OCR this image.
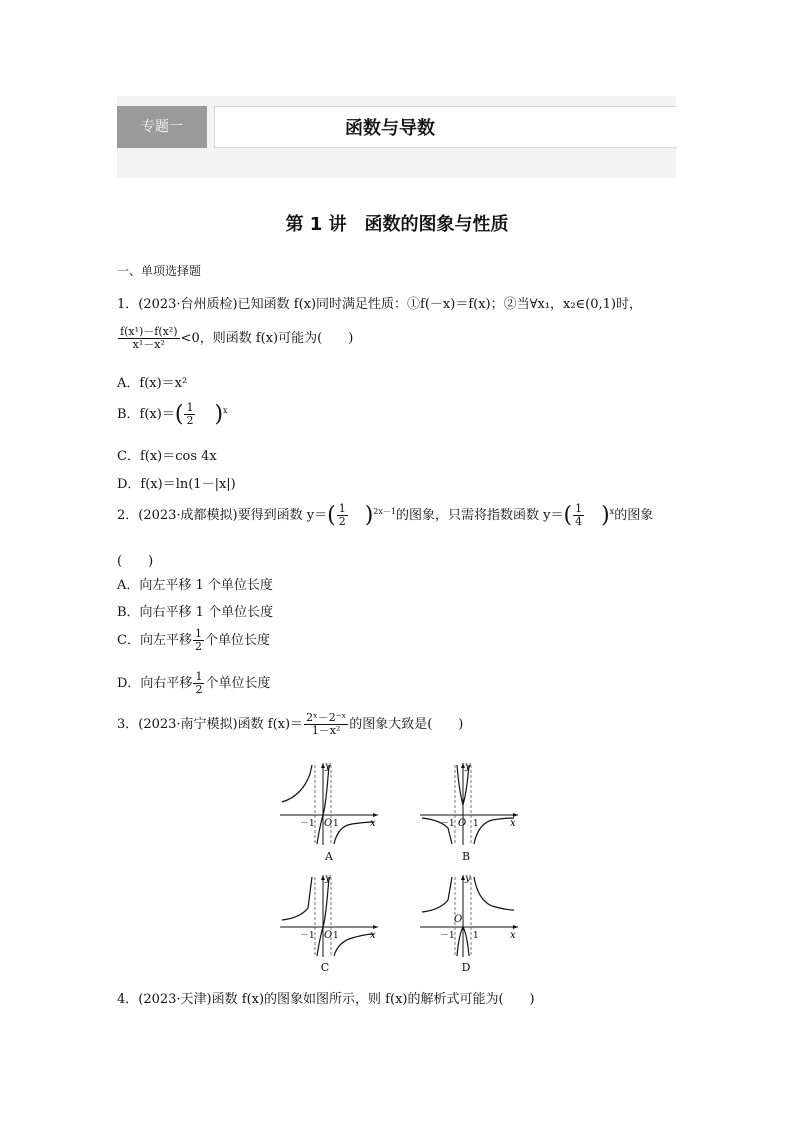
专题一	函数与导数
第 1 讲　函数的图象与性质
一、单项选择题
1．(2023·台州质检)已知函数 f(x)同时满足性质：①f(－x)＝f(x)；②当∀x₁，x₂∈(0,1)时，
$\frac{\text{f(x¹)－f(x²)}}{\text{x¹－x²}} <0$，则函数 f(x)可能为(　　)
A．f(x)＝x²
B．$f(x)=( \frac{1}{2} )^x$
C．f(x)＝cos 4x
D．f(x)＝ln(1－|x|)
2．(2023·成都模拟)要得到函数 $y=( \frac{1}{2} )^{2x-1}$的图象，只需将指数函数 $y=( \frac{1}{4} )^x$的图象
(　　)
A．向左平移 1 个单位长度
B．向右平移 1 个单位长度
C．向左平移 $\frac{1}{2}$ 个单位长度
D．向右平移 $\frac{1}{2}$ 个单位长度
3．(2023·南宁模拟)函数 $f(x)= \frac{\text{2ˣ－2⁻ˣ}}{\text{1－x²}}$ 的图象大致是(　　)
y
x
O
－1 1
A
y
x
O
－1 1
B
y
x
O
－1 1
C
y
x
O
－1 1
D
4．(2023·天津)函数 f(x)的图象如图所示，则 f(x)的解析式可能为(　　)
